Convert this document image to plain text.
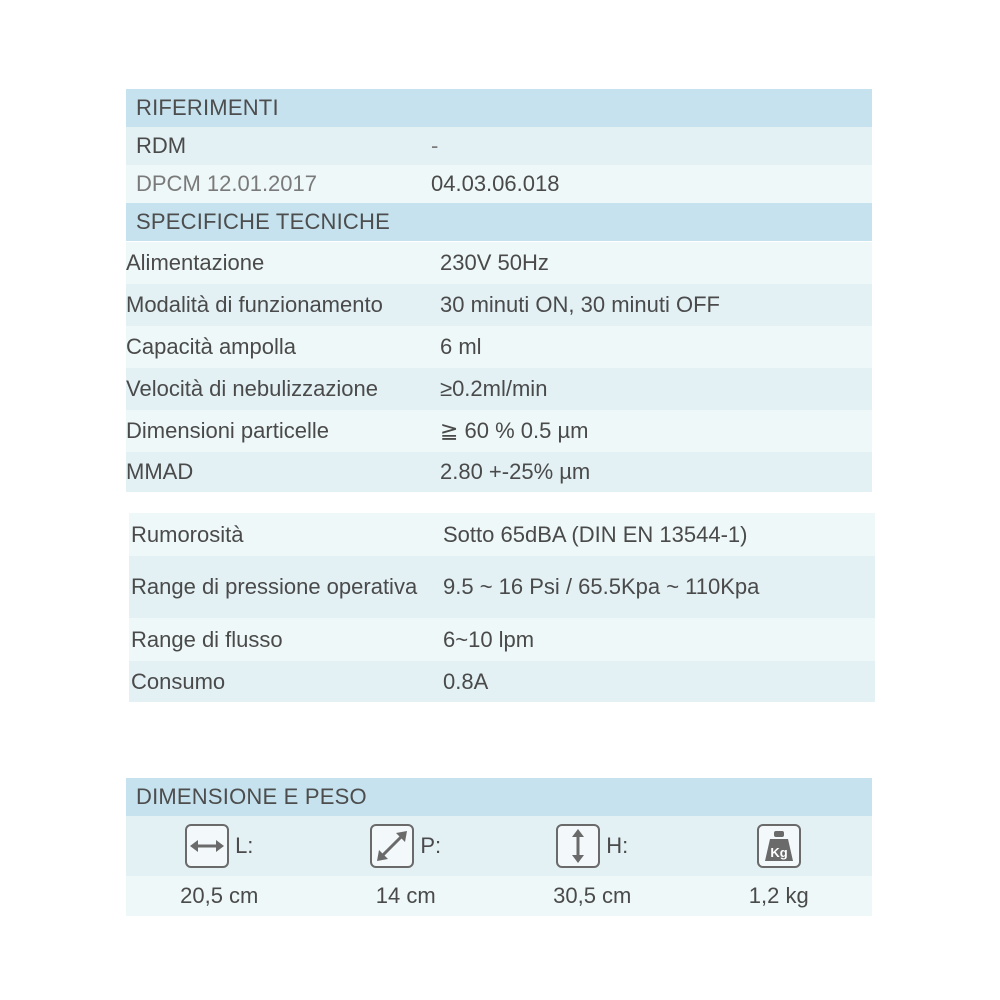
RIFERIMENTI
RDM	-
DPCM 12.01.2017	04.03.06.018
SPECIFICHE TECNICHE
Alimentazione	230V 50Hz
Modalità di funzionamento	30 minuti ON, 30 minuti OFF
Capacità ampolla	6 ml
Velocità di nebulizzazione	≥0.2ml/min
Dimensioni particelle	≧ 60 % 0.5 µm
MMAD	2.80 +-25% µm
Rumorosità	Sotto 65dBA (DIN EN 13544-1)
Range di pressione operativa	9.5 ~ 16 Psi / 65.5Kpa ~ 110Kpa
Range di flusso	6~10 lpm
Consumo	0.8A
DIMENSIONE E PESO
L:	P:	H:	Kg
20,5 cm	14 cm	30,5 cm	1,2 kg
